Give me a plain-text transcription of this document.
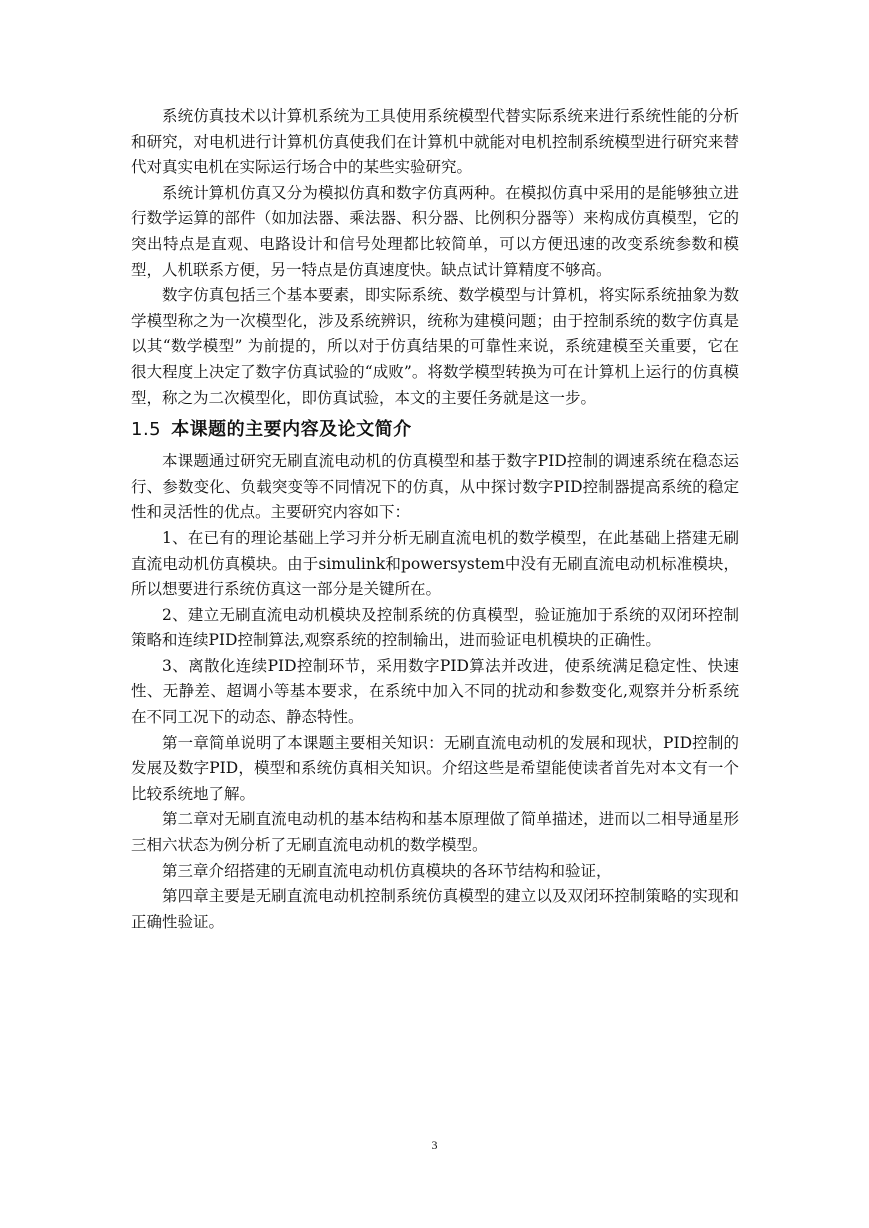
系统仿真技术以计算机系统为工具使用系统模型代替实际系统来进行系统性能的分析和研究，对电机进行计算机仿真使我们在计算机中就能对电机控制系统模型进行研究来替代对真实电机在实际运行场合中的某些实验研究。

系统计算机仿真又分为模拟仿真和数字仿真两种。在模拟仿真中采用的是能够独立进行数学运算的部件（如加法器、乘法器、积分器、比例积分器等）来构成仿真模型，它的突出特点是直观、电路设计和信号处理都比较简单，可以方便迅速的改变系统参数和模型，人机联系方便，另一特点是仿真速度快。缺点试计算精度不够高。

数字仿真包括三个基本要素，即实际系统、数学模型与计算机，将实际系统抽象为数学模型称之为一次模型化，涉及系统辨识，统称为建模问题；由于控制系统的数字仿真是以其“数学模型” 为前提的，所以对于仿真结果的可靠性来说，系统建模至关重要，它在很大程度上决定了数字仿真试验的“成败”。将数学模型转换为可在计算机上运行的仿真模型，称之为二次模型化，即仿真试验，本文的主要任务就是这一步。

1.5 本课题的主要内容及论文简介

本课题通过研究无刷直流电动机的仿真模型和基于数字PID控制的调速系统在稳态运行、参数变化、负载突变等不同情况下的仿真，从中探讨数字PID控制器提高系统的稳定性和灵活性的优点。主要研究内容如下：

1、在已有的理论基础上学习并分析无刷直流电机的数学模型，在此基础上搭建无刷直流电动机仿真模块。由于simulink和powersystem中没有无刷直流电动机标准模块，所以想要进行系统仿真这一部分是关键所在。

2、建立无刷直流电动机模块及控制系统的仿真模型，验证施加于系统的双闭环控制策略和连续PID控制算法,观察系统的控制输出，进而验证电机模块的正确性。

3、离散化连续PID控制环节，采用数字PID算法并改进，使系统满足稳定性、快速性、无静差、超调小等基本要求，在系统中加入不同的扰动和参数变化,观察并分析系统在不同工况下的动态、静态特性。

第一章简单说明了本课题主要相关知识：无刷直流电动机的发展和现状，PID控制的发展及数字PID，模型和系统仿真相关知识。介绍这些是希望能使读者首先对本文有一个比较系统地了解。

第二章对无刷直流电动机的基本结构和基本原理做了简单描述，进而以二相导通星形三相六状态为例分析了无刷直流电动机的数学模型。

第三章介绍搭建的无刷直流电动机仿真模块的各环节结构和验证，

第四章主要是无刷直流电动机控制系统仿真模型的建立以及双闭环控制策略的实现和正确性验证。

3
